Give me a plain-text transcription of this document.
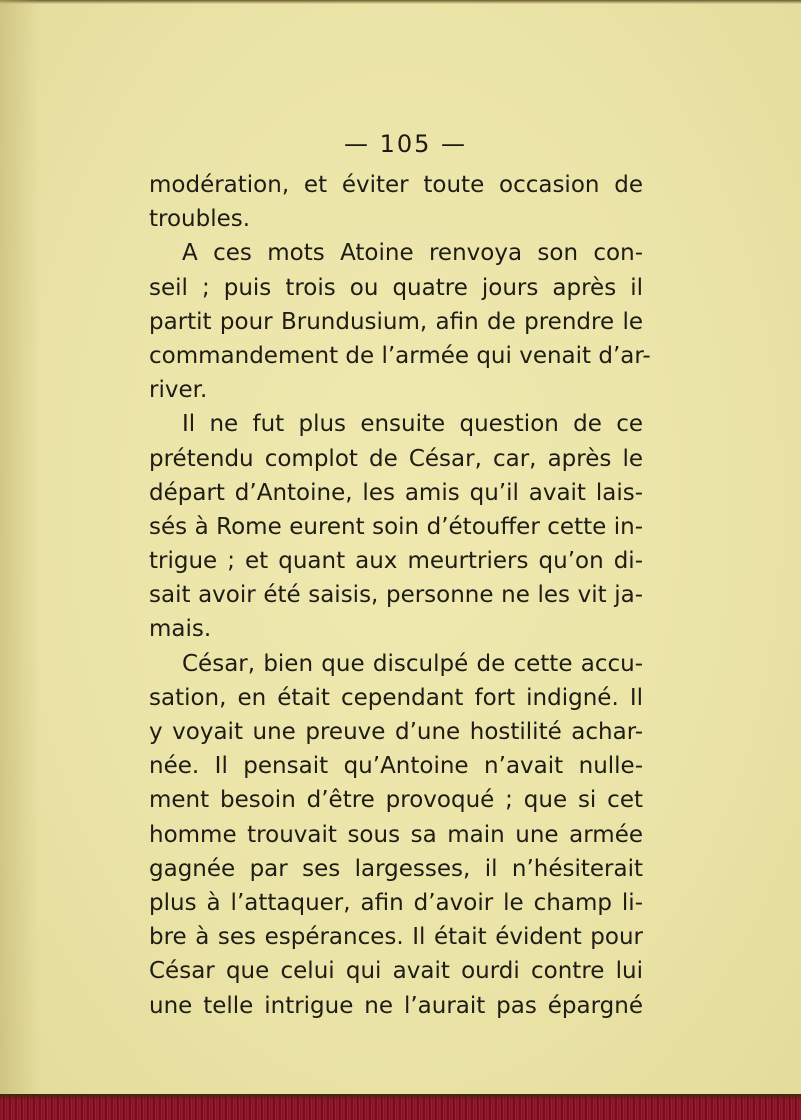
— 105 —
modération, et éviter toute occasion de
troubles.
A ces mots Atoine renvoya son con-
seil ; puis trois ou quatre jours après il
partit pour Brundusium, afin de prendre le
commandement de l’armée qui venait d’ar-
river.
Il ne fut plus ensuite question de ce
prétendu complot de César, car, après le
départ d’Antoine, les amis qu’il avait lais-
sés à Rome eurent soin d’étouffer cette in-
trigue ; et quant aux meurtriers qu’on di-
sait avoir été saisis, personne ne les vit ja-
mais.
César, bien que disculpé de cette accu-
sation, en était cependant fort indigné. Il
y voyait une preuve d’une hostilité achar-
née. Il pensait qu’Antoine n’avait nulle-
ment besoin d’être provoqué ; que si cet
homme trouvait sous sa main une armée
gagnée par ses largesses, il n’hésiterait
plus à l’attaquer, afin d’avoir le champ li-
bre à ses espérances. Il était évident pour
César que celui qui avait ourdi contre lui
une telle intrigue ne l’aurait pas épargné
